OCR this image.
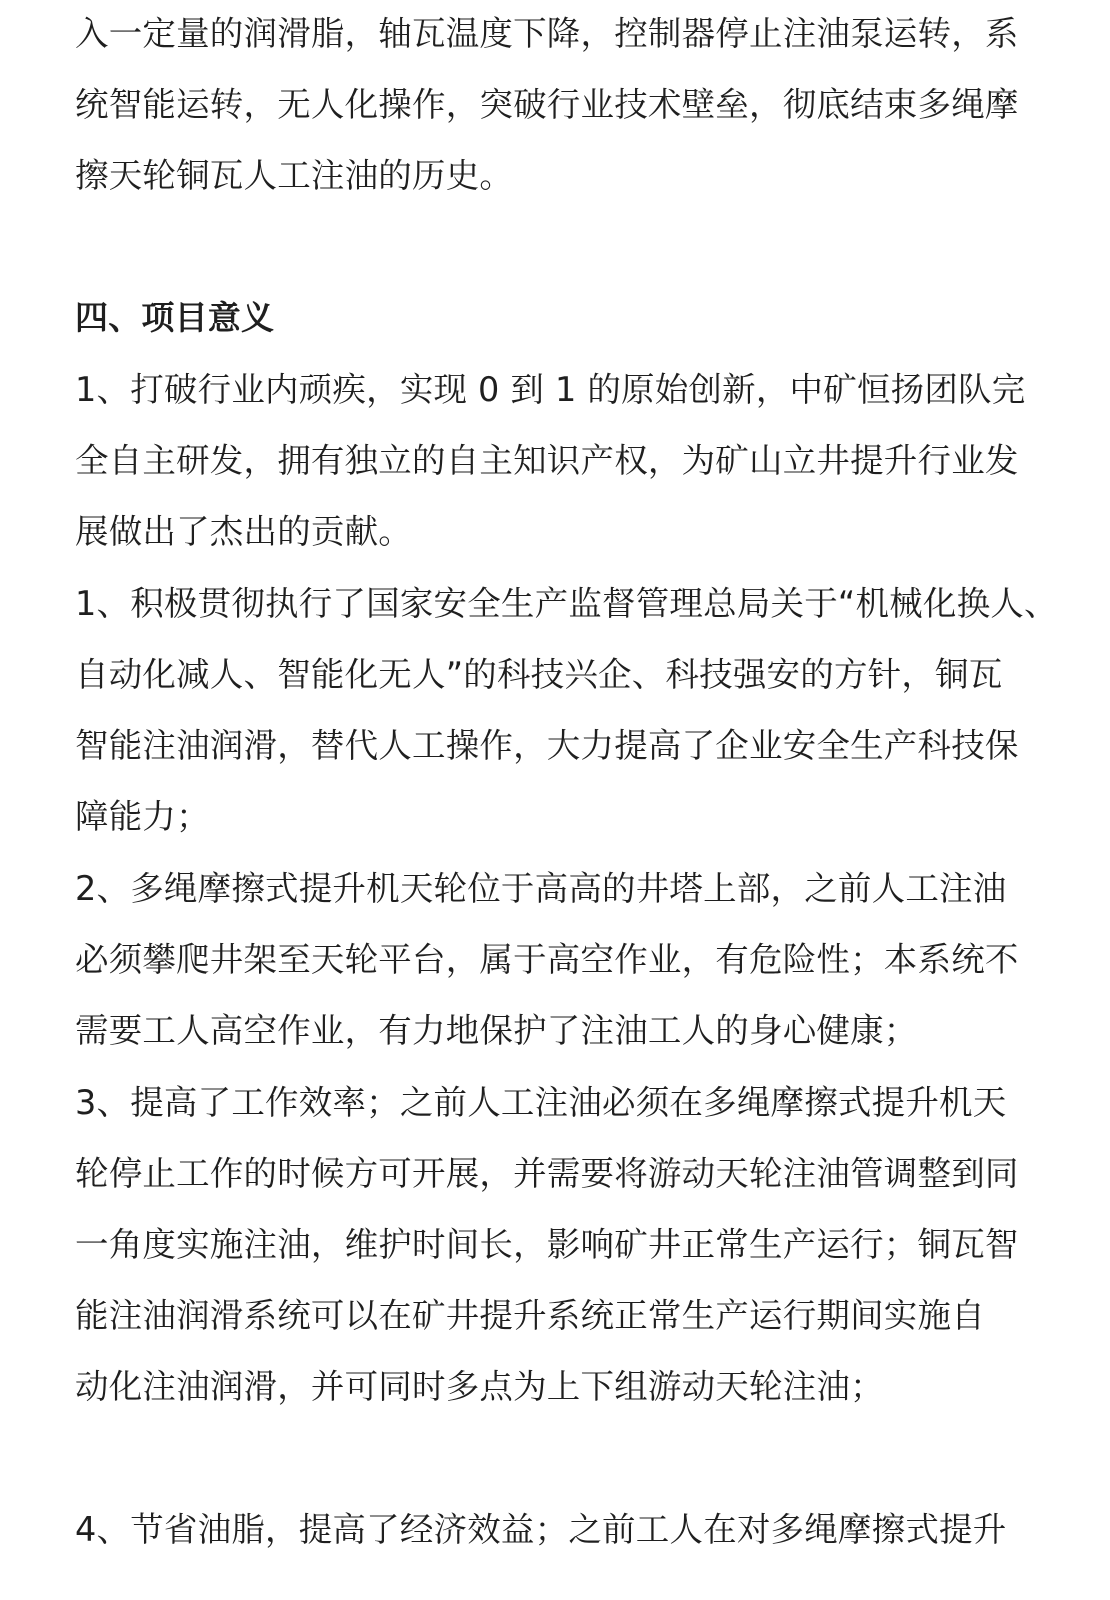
入一定量的润滑脂，轴瓦温度下降，控制器停止注油泵运转，系
统智能运转，无人化操作，突破行业技术壁垒，彻底结束多绳摩
擦天轮铜瓦人工注油的历史。
四、项目意义
1、打破行业内顽疾，实现 0 到 1 的原始创新，中矿恒扬团队完
全自主研发，拥有独立的自主知识产权，为矿山立井提升行业发
展做出了杰出的贡献。
1、积极贯彻执行了国家安全生产监督管理总局关于“机械化换人、
自动化减人、智能化无人”的科技兴企、科技强安的方针，铜瓦
智能注油润滑，替代人工操作，大力提高了企业安全生产科技保
障能力；
2、多绳摩擦式提升机天轮位于高高的井塔上部，之前人工注油
必须攀爬井架至天轮平台，属于高空作业，有危险性；本系统不
需要工人高空作业，有力地保护了注油工人的身心健康；
3、提高了工作效率；之前人工注油必须在多绳摩擦式提升机天
轮停止工作的时候方可开展，并需要将游动天轮注油管调整到同
一角度实施注油，维护时间长，影响矿井正常生产运行；铜瓦智
能注油润滑系统可以在矿井提升系统正常生产运行期间实施自
动化注油润滑，并可同时多点为上下组游动天轮注油；
4、节省油脂，提高了经济效益；之前工人在对多绳摩擦式提升
